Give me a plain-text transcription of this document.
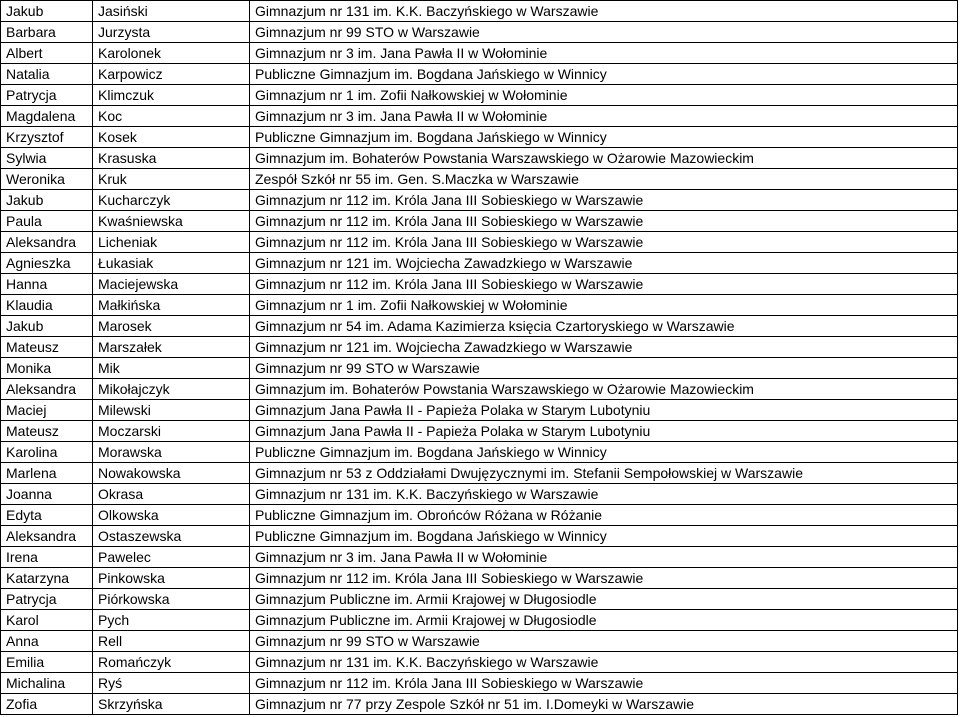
Jakub	Jasiński	Gimnazjum nr 131 im. K.K. Baczyńskiego w Warszawie
Barbara	Jurzysta	Gimnazjum nr 99 STO w Warszawie
Albert	Karolonek	Gimnazjum nr 3 im. Jana Pawła II w Wołominie
Natalia	Karpowicz	Publiczne Gimnazjum im. Bogdana Jańskiego w Winnicy
Patrycja	Klimczuk	Gimnazjum nr 1 im. Zofii Nałkowskiej w Wołominie
Magdalena	Koc	Gimnazjum nr 3 im. Jana Pawła II w Wołominie
Krzysztof	Kosek	Publiczne Gimnazjum im. Bogdana Jańskiego w Winnicy
Sylwia	Krasuska	Gimnazjum im. Bohaterów Powstania Warszawskiego w Ożarowie Mazowieckim
Weronika	Kruk	Zespół Szkół nr 55 im. Gen. S.Maczka w Warszawie
Jakub	Kucharczyk	Gimnazjum nr 112 im. Króla Jana III Sobieskiego w Warszawie
Paula	Kwaśniewska	Gimnazjum nr 112 im. Króla Jana III Sobieskiego w Warszawie
Aleksandra	Licheniak	Gimnazjum nr 112 im. Króla Jana III Sobieskiego w Warszawie
Agnieszka	Łukasiak	Gimnazjum nr 121 im. Wojciecha Zawadzkiego w Warszawie
Hanna	Maciejewska	Gimnazjum nr 112 im. Króla Jana III Sobieskiego w Warszawie
Klaudia	Małkińska	Gimnazjum nr 1 im. Zofii Nałkowskiej w Wołominie
Jakub	Marosek	Gimnazjum nr 54 im. Adama Kazimierza księcia Czartoryskiego w Warszawie
Mateusz	Marszałek	Gimnazjum nr 121 im. Wojciecha Zawadzkiego w Warszawie
Monika	Mik	Gimnazjum nr 99 STO w Warszawie
Aleksandra	Mikołajczyk	Gimnazjum im. Bohaterów Powstania Warszawskiego w Ożarowie Mazowieckim
Maciej	Milewski	Gimnazjum Jana Pawła II - Papieża Polaka w Starym Lubotyniu
Mateusz	Moczarski	Gimnazjum Jana Pawła II - Papieża Polaka w Starym Lubotyniu
Karolina	Morawska	Publiczne Gimnazjum im. Bogdana Jańskiego w Winnicy
Marlena	Nowakowska	Gimnazjum nr 53 z Oddziałami Dwujęzycznymi im. Stefanii Sempołowskiej w Warszawie
Joanna	Okrasa	Gimnazjum nr 131 im. K.K. Baczyńskiego w Warszawie
Edyta	Olkowska	Publiczne Gimnazjum im. Obrońców Różana w Różanie
Aleksandra	Ostaszewska	Publiczne Gimnazjum im. Bogdana Jańskiego w Winnicy
Irena	Pawelec	Gimnazjum nr 3 im. Jana Pawła II w Wołominie
Katarzyna	Pinkowska	Gimnazjum nr 112 im. Króla Jana III Sobieskiego w Warszawie
Patrycja	Piórkowska	Gimnazjum Publiczne im. Armii Krajowej w Długosiodle
Karol	Pych	Gimnazjum Publiczne im. Armii Krajowej w Długosiodle
Anna	Rell	Gimnazjum nr 99 STO w Warszawie
Emilia	Romańczyk	Gimnazjum nr 131 im. K.K. Baczyńskiego w Warszawie
Michalina	Ryś	Gimnazjum nr 112 im. Króla Jana III Sobieskiego w Warszawie
Zofia	Skrzyńska	Gimnazjum nr 77 przy Zespole Szkół nr 51 im. I.Domeyki w Warszawie
